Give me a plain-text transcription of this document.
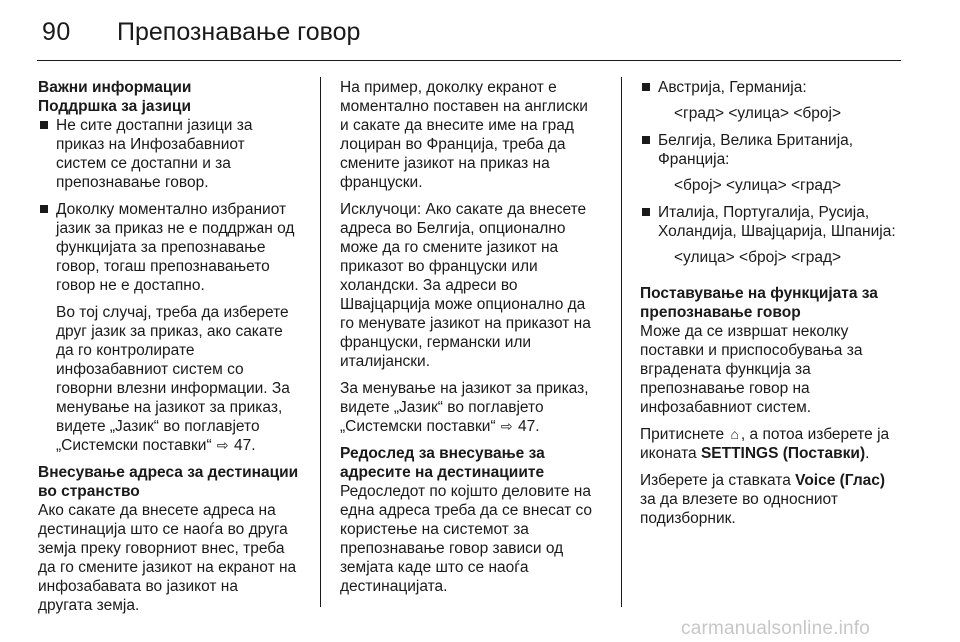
90 Препознавање говор

Важни информации

Поддршка за јазици

Не сите достапни јазици за
приказ на Инфозабавниот
систем се достапни и за
препознавање говор.
Доколку моментално избраниот
јазик за приказ не е поддржан од
функцијата за препознавање
говор, тогаш препознавањето
говор не е достапно.
Во тој случај, треба да изберете
друг јазик за приказ, ако сакате
да го контролирате
инфозабавниот систем со
говорни влезни информации. За
менување на јазикот за приказ,
видете „Јазик“ во поглавјето
„Системски поставки“ ⇨ 47.
Внесување адреса за дестинации
во странство
Ако сакате да внесете адреса на
дестинација што се наоѓа во друга
земја преку говорниот внес, треба
да го смените јазикот на екранот на
инфозабавата во јазикот на
другата земја.
На пример, доколку екранот е
моментално поставен на англиски
и сакате да внесите име на град
лоциран во Франција, треба да
смените јазикот на приказ на
француски.
Исклучоци: Ако сакате да внесете
адреса во Белгија, опционално
може да го смените јазикот на
приказот во француски или
холандски. За адреси во
Швајцарција може опционално да
го менувате јазикот на приказот на
француски, германски или
италијански.
За менување на јазикот за приказ,
видете „Јазик“ во поглавјето
„Системски поставки“ ⇨ 47.
Редослед за внесување за
адресите на дестинациите
Редоследот по којшто деловите на
една адреса треба да се внесат со
користење на системот за
препознавање говор зависи од
земјата каде што се наоѓа
дестинацијата.
Австрија, Германија:
<град> <улица> <број>
Белгија, Велика Британија,
Франција:
<број> <улица> <град>
Италија, Португалија, Русија,
Холандија, Швајцарија, Шпанија:
<улица> <број> <град>
Поставување на функцијата за
препознавање говор
Може да се извршат неколку
поставки и приспособувања за
вградената функција за
препознавање говор на
инфозабавниот систем.
Притиснете ⌂ , а потоа изберете ја
иконата SETTINGS (Поставки).
Изберете ја ставката Voice (Глас)
за да влезете во односниот
подизборник.
carmanualsonline.info
